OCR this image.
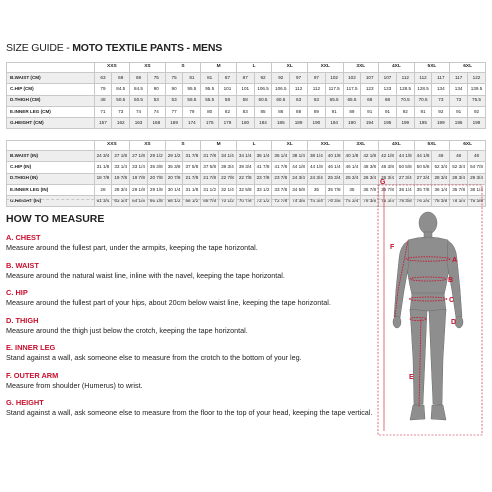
SIZE GUIDE - MOTO TEXTILE PANTS - MENS
	XXS		XS		S		M		L		XL		XXL		3XL		4XL		5XL		6XL	
B.WAIST (CM)	63	69	69	75	75	81	81	87	87	92	92	97	97	102	102	107	107	112	112	117	117	122
C.HIP (CM)	79	84.5	84.5	90	90	95.5	95.5	101	101	106.5	106.5	112	112	117.5	117.5	123	123	128.5	128.5	134	134	139.5
D.THIGH (CM)	48	50.5	50.5	53	53	55.5	55.5	58	58	60.5	60.5	63	63	65.5	65.5	68	68	70.5	70.5	73	73	75.5
E.INNER LEG (CM)	71	73	74	74	77	79	80	82	83	85	86	88	89	91	89	91	91	92	91	92	91	92
G.HEIGHT (CM)	157	162	163	168	169	174	175	179	180	184	185	189	190	194	190	194	195	199	195	199	195	199
	XXS		XS		S		M		L		XL		XXL		3XL		4XL		5XL		6XL	
B.WAIST (IN)	24 3/4	27 1/8	27 1/8	29 1/2	29 1/2	31 7/8	31 7/8	34 1/4	34 1/4	36 1/4	36 1/4	38 1/4	38 1/4	40 1/8	40 1/8	42 1/8	42 1/8	44 1/8	44 1/8	46	46	48
C.HIP (IN)	31 1/8	33 1/4	33 1/4	35 3/8	35 3/8	37 5/8	37 5/8	39 3/4	39 3/4	41 7/8	41 7/8	44 1/8	44 1/8	46 1/4	46 1/4	48 3/8	48 3/8	50 5/8	50 5/8	52 3/4	52 3/4	54 7/8
D.THIGH (IN)	18 7/8	19 7/8	19 7/8	20 7/8	20 7/8	21 7/8	21 7/8	22 7/8	22 7/8	23 7/8	23 7/8	24 3/4	24 3/4	25 3/4	25 3/4	26 3/4	26 3/4	27 3/4	27 3/4	28 3/4	28 3/4	29 3/4
E.INNER LEG (IN)	28	28 3/4	29 1/8	29 1/8	30 1/4	31 1/8	31 1/2	32 1/4	32 5/8	33 1/2	33 7/8	34 5/8	35	35 7/8	35	35 7/8	35 7/8	36 1/4	35 7/8	36 1/4	35 7/8	36 1/4
G.HEIGHT (IN)	61 3/4	63 3/4	64 1/8	66 1/8	66 1/2	68 1/2	68 7/8	70 1/2	70 7/8	72 1/2	72 7/8	74 3/8	74 3/4	76 3/8	74 3/4	76 3/8	76 3/4	78 3/8	76 3/4	78 3/8	76 3/4	78 3/8
HOW TO MEASURE
A. CHEST
Measure around the fullest part, under the armpits, keeping the tape horizontal.
B. WAIST
Measure around the natural waist line, inline with the navel, keeping the tape horizontal.
C. HIP
Measure around the fullest part of your hips, about 20cm below waist line, keeping the tape horizontal.
D. THIGH
Measure around the thigh just below the crotch, keeping the tape horizontal.
E. INNER LEG
Stand against a wall, ask someone else to measure from the crotch to the bottom of your leg.
F. OUTER ARM
Measure from shoulder (Humerus) to wrist.
G. HEIGHT
Stand against a wall, ask someone else to measure from the floor to the top of your head, keeping the tape vertical.
G
F
A
B
C
D
E
